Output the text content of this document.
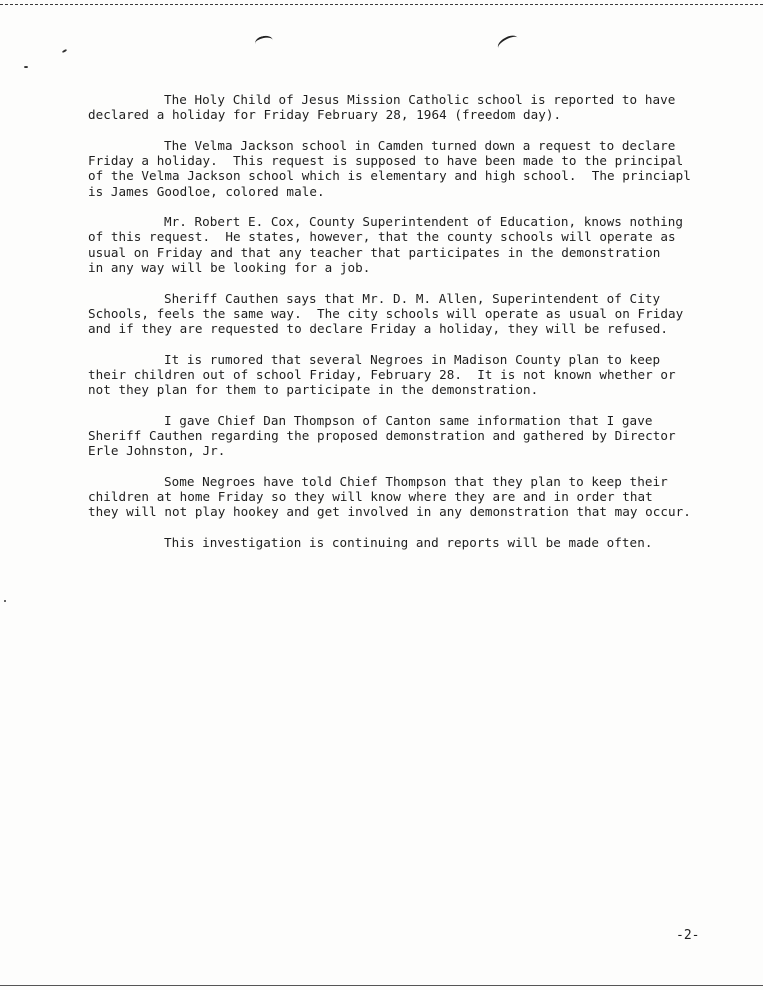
The Holy Child of Jesus Mission Catholic school is reported to have
declared a holiday for Friday February 28, 1964 (freedom day).
The Velma Jackson school in Camden turned down a request to declare
Friday a holiday.  This request is supposed to have been made to the principal
of the Velma Jackson school which is elementary and high school.  The princiapl
is James Goodloe, colored male.
Mr. Robert E. Cox, County Superintendent of Education, knows nothing
of this request.  He states, however, that the county schools will operate as
usual on Friday and that any teacher that participates in the demonstration
in any way will be looking for a job.
Sheriff Cauthen says that Mr. D. M. Allen, Superintendent of City
Schools, feels the same way.  The city schools will operate as usual on Friday
and if they are requested to declare Friday a holiday, they will be refused.
It is rumored that several Negroes in Madison County plan to keep
their children out of school Friday, February 28.  It is not known whether or
not they plan for them to participate in the demonstration.
I gave Chief Dan Thompson of Canton same information that I gave
Sheriff Cauthen regarding the proposed demonstration and gathered by Director
Erle Johnston, Jr.
Some Negroes have told Chief Thompson that they plan to keep their
children at home Friday so they will know where they are and in order that
they will not play hookey and get involved in any demonstration that may occur.
This investigation is continuing and reports will be made often.
-2-
